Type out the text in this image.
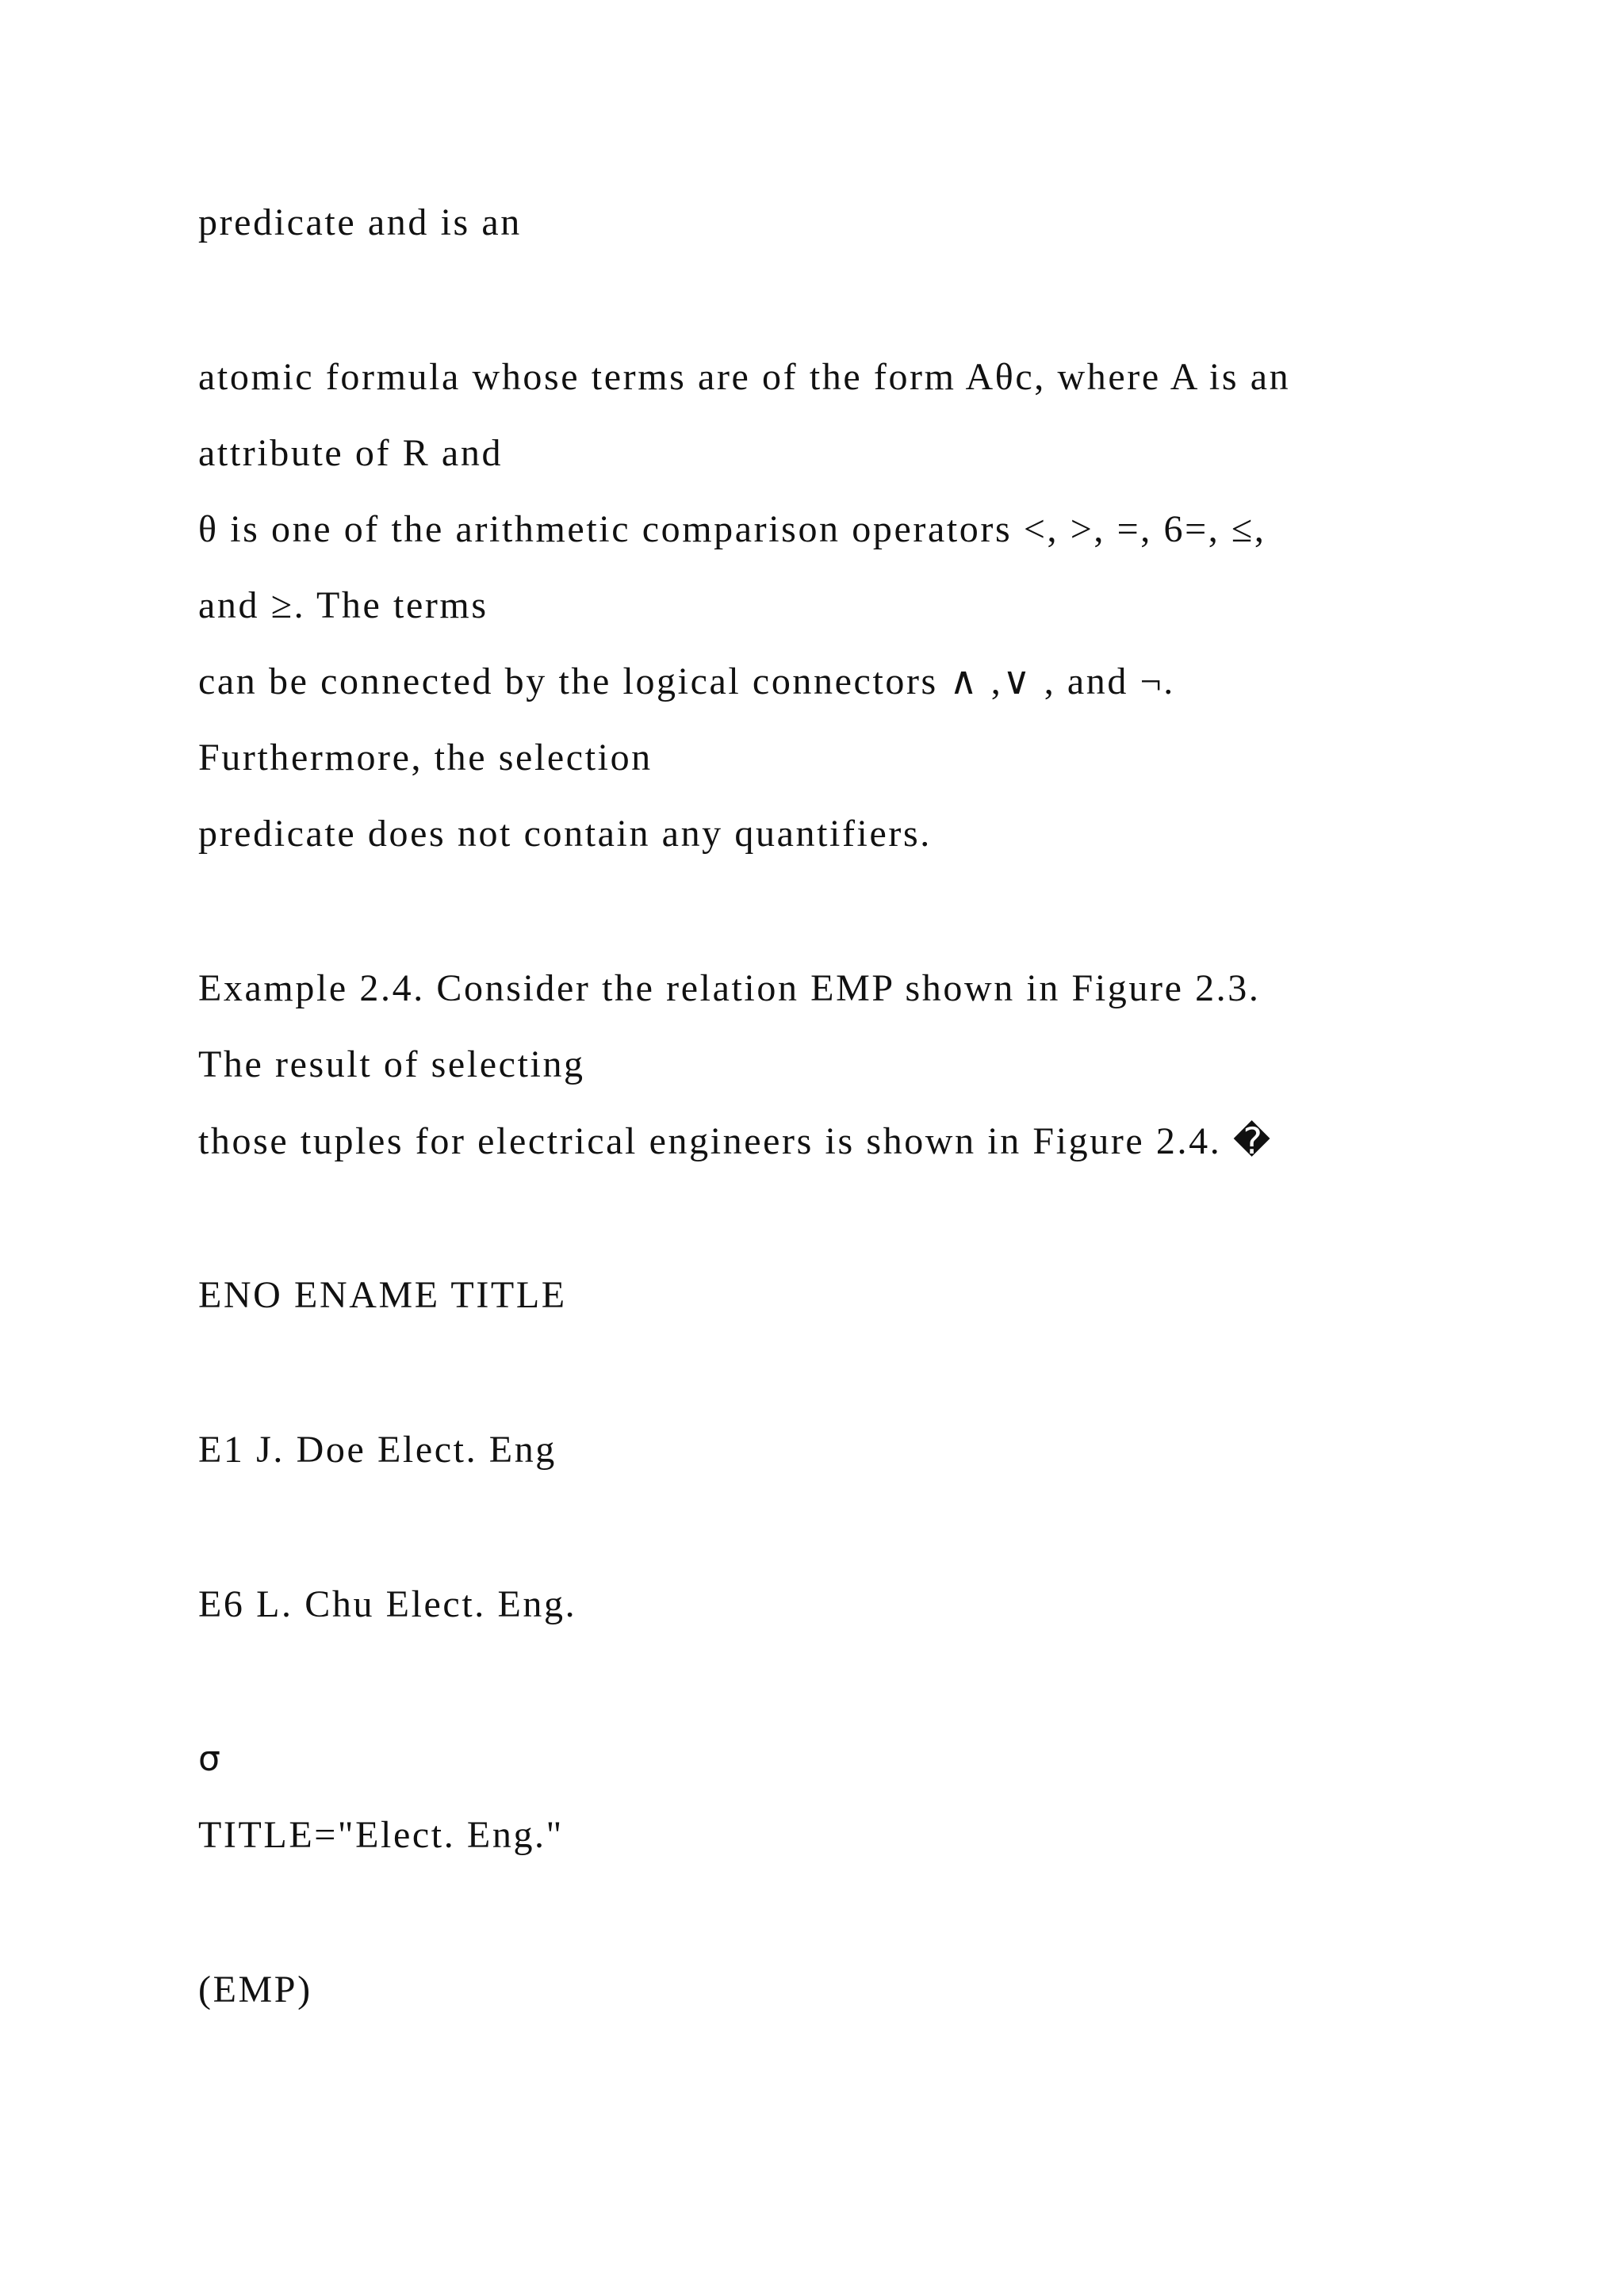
predicate and is an
atomic formula whose terms are of the form Aθc, where A is an
attribute of R and
θ is one of the arithmetic comparison operators <, >, =, 6=, ≤,
and ≥. The terms
can be connected by the logical connectors ∧ ,∨ , and ¬.
Furthermore, the selection
predicate does not contain any quantifiers.
Example 2.4. Consider the relation EMP shown in Figure 2.3.
The result of selecting
those tuples for electrical engineers is shown in Figure 2.4. �
ENO ENAME TITLE
E1 J. Doe Elect. Eng
E6 L. Chu Elect. Eng.
σ
TITLE="Elect. Eng."
(EMP)
